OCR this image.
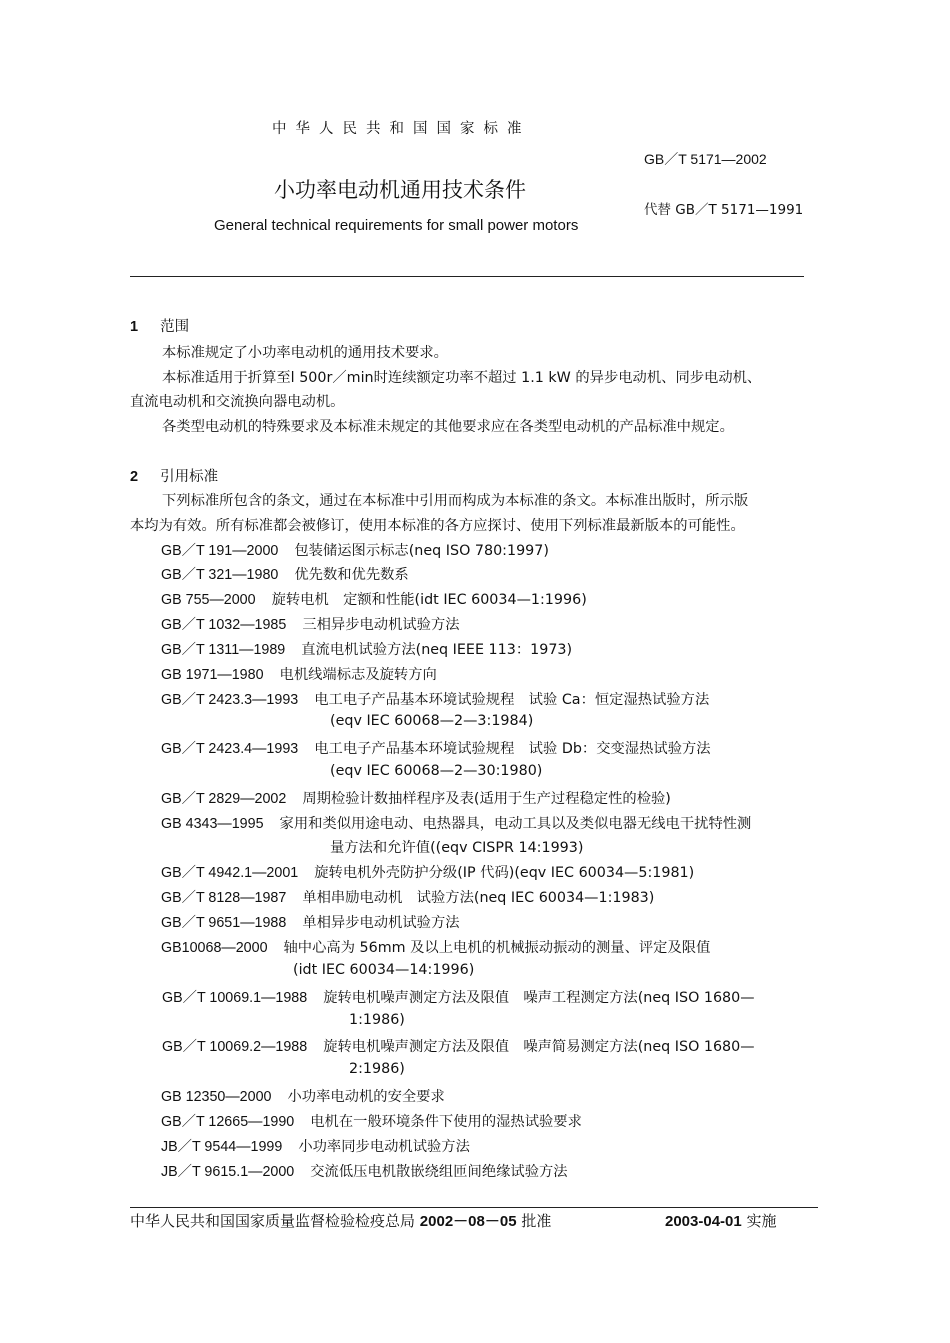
中华人民共和国国家标准
GB／T 5171—2002
小功率电动机通用技术条件
代替 GB／T 5171—1991
General technical requirements for small power motors
1 范围
本标准规定了小功率电动机的通用技术要求。
本标准适用于折算至l 500r／min时连续额定功率不超过 1.1 kW 的异步电动机、同步电动机、
直流电动机和交流换向器电动机。
各类型电动机的特殊要求及本标准未规定的其他要求应在各类型电动机的产品标准中规定。
2 引用标准
下列标准所包含的条文，通过在本标准中引用而构成为本标准的条文。本标准出版时，所示版
本均为有效。所有标准都会被修订，使用本标准的各方应探讨、使用下列标准最新版本的可能性。
GB／T 191—2000 包装储运图示标志(neq ISO 780:1997)
GB／T 321—1980 优先数和优先数系
GB 755—2000 旋转电机　定额和性能(idt IEC 60034—1:1996)
GB／T 1032—1985 三相异步电动机试验方法
GB／T 1311—1989 直流电机试验方法(neq IEEE 113：1973)
GB 1971—1980 电机线端标志及旋转方向
GB／T 2423.3—1993 电工电子产品基本环境试验规程　试验 Ca：恒定湿热试验方法
(eqv IEC 60068—2—3:1984)
GB／T 2423.4—1993 电工电子产品基本环境试验规程　试验 Db：交变湿热试验方法
(eqv IEC 60068—2—30:1980)
GB／T 2829—2002 周期检验计数抽样程序及表(适用于生产过程稳定性的检验)
GB 4343—1995 家用和类似用途电动、电热器具，电动工具以及类似电器无线电干扰特性测
量方法和允许值((eqv CISPR 14:1993)
GB／T 4942.1—2001 旋转电机外壳防护分级(IP 代码)(eqv IEC 60034—5:1981)
GB／T 8128—1987 单相串励电动机　试验方法(neq IEC 60034—1:1983)
GB／T 9651—1988 单相异步电动机试验方法
GB10068—2000 轴中心高为 56mm 及以上电机的机械振动振动的测量、评定及限值
(idt IEC 60034—14:1996)
GB／T 10069.1—1988 旋转电机噪声测定方法及限值　噪声工程测定方法(neq ISO 1680—
1:1986)
GB／T 10069.2—1988 旋转电机噪声测定方法及限值　噪声简易测定方法(neq ISO 1680—
2:1986)
GB 12350—2000 小功率电动机的安全要求
GB／T 12665—1990 电机在一般环境条件下使用的湿热试验要求
JB／T 9544—1999 小功率同步电动机试验方法
JB／T 9615.1—2000 交流低压电机散嵌绕组匝间绝缘试验方法
中华人民共和国国家质量监督检验检疫总局 2002－08－05 批准	2003-04-01 实施
